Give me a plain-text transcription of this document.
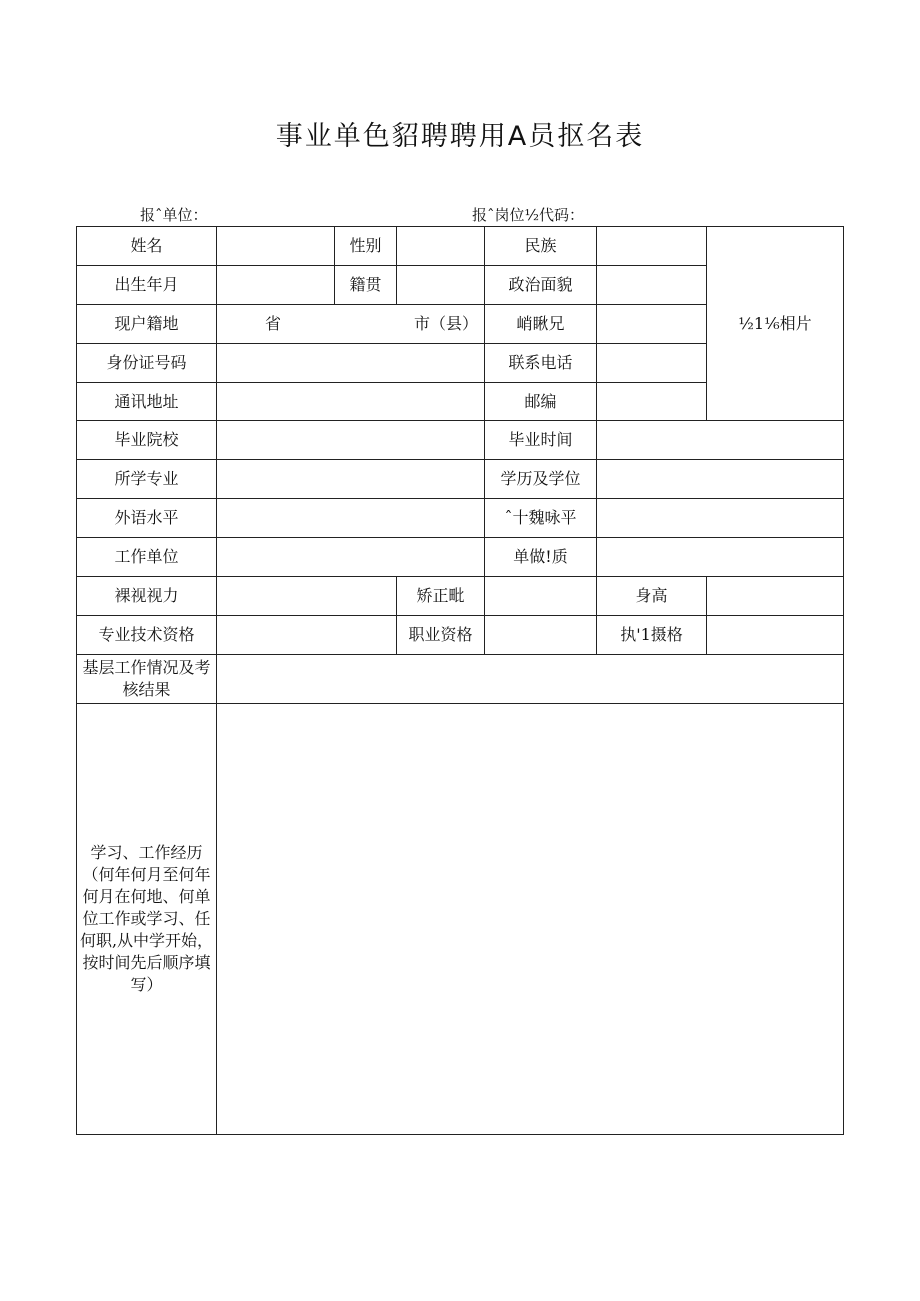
事业单色貂聘聘用A员抠名表
报ˆ单位：	报ˆ岗位½代码：
姓名		性别		民族		½1⅙相片
出生年月		籍贯		政治面貌		
现户籍地	省 市（县）			峭瞅兄		
身份证号码				联系电话		
通讯地址				邮编		
毕业院校				毕业时间		
所学专业				学历及学位		
外语水平				ˆ十魏咏平		
工作单位				单做!质		
裸视视力			矫正毗		身高	
专业技术资格			职业资格		执'1摄格	
基层工作情况及考核结果						
学习、工作经历（何年何月至何年何月在何地、何单位工作或学习、任何职,从中学开始，按时间先后顺序填写）						
